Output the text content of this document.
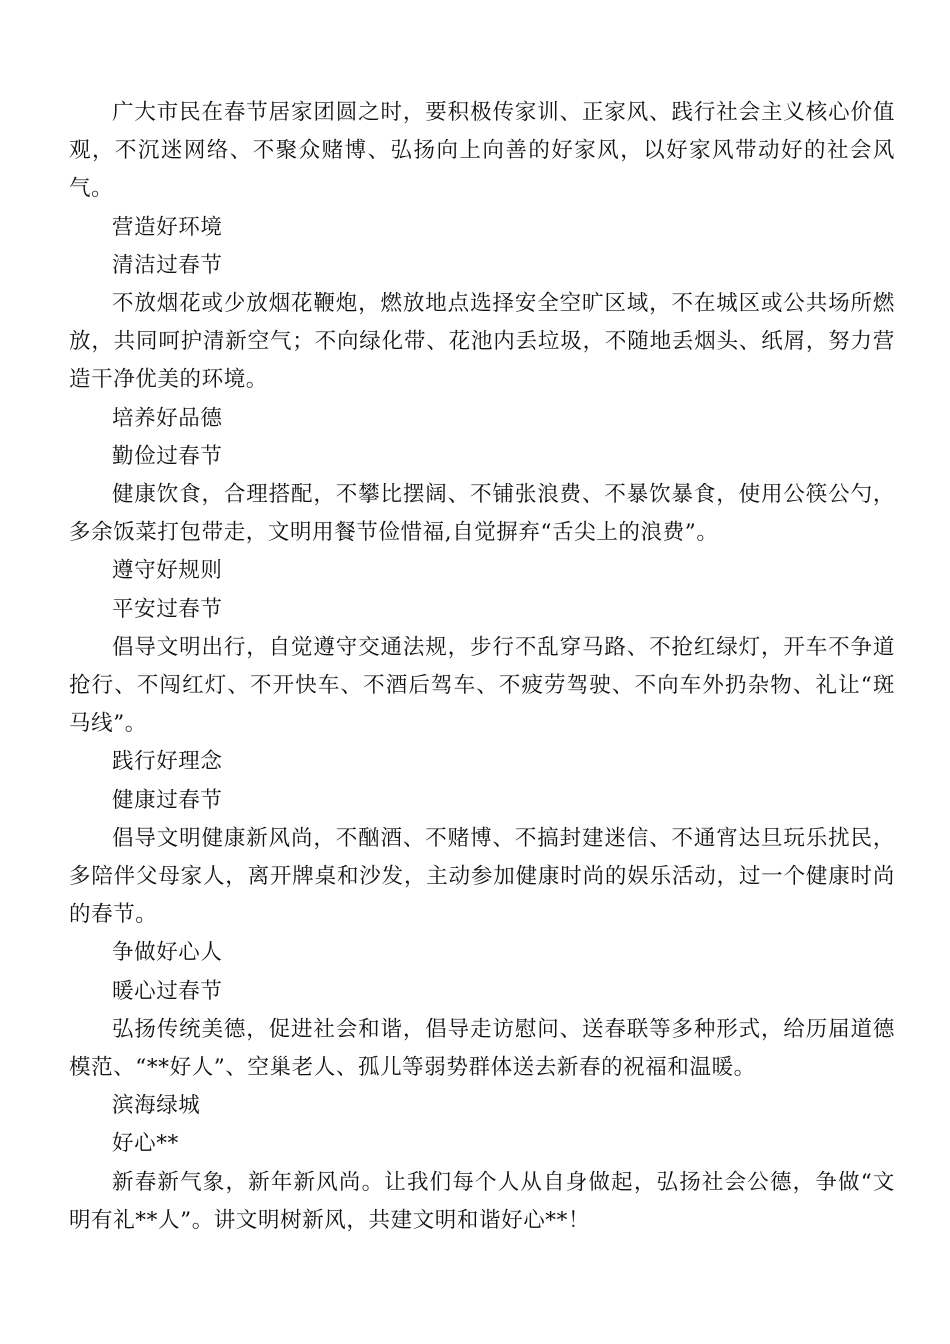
广大市民在春节居家团圆之时，要积极传家训、正家风、践行社会主义核心价值观，不沉迷网络、不聚众赌博、弘扬向上向善的好家风，以好家风带动好的社会风气。

营造好环境

清洁过春节

不放烟花或少放烟花鞭炮，燃放地点选择安全空旷区域，不在城区或公共场所燃放，共同呵护清新空气；不向绿化带、花池内丢垃圾，不随地丢烟头、纸屑，努力营造干净优美的环境。

培养好品德

勤俭过春节

健康饮食，合理搭配，不攀比摆阔、不铺张浪费、不暴饮暴食，使用公筷公勺，多余饭菜打包带走，文明用餐节俭惜福,自觉摒弃“舌尖上的浪费”。

遵守好规则

平安过春节

倡导文明出行，自觉遵守交通法规，步行不乱穿马路、不抢红绿灯，开车不争道抢行、不闯红灯、不开快车、不酒后驾车、不疲劳驾驶、不向车外扔杂物、礼让“斑马线”。

践行好理念

健康过春节

倡导文明健康新风尚，不酗酒、不赌博、不搞封建迷信、不通宵达旦玩乐扰民，多陪伴父母家人，离开牌桌和沙发，主动参加健康时尚的娱乐活动，过一个健康时尚的春节。

争做好心人

暖心过春节

弘扬传统美德，促进社会和谐，倡导走访慰问、送春联等多种形式，给历届道德模范、“**好人”、空巢老人、孤儿等弱势群体送去新春的祝福和温暖。

滨海绿城

好心**

新春新气象，新年新风尚。让我们每个人从自身做起，弘扬社会公德，争做“文明有礼**人”。讲文明树新风，共建文明和谐好心**！
